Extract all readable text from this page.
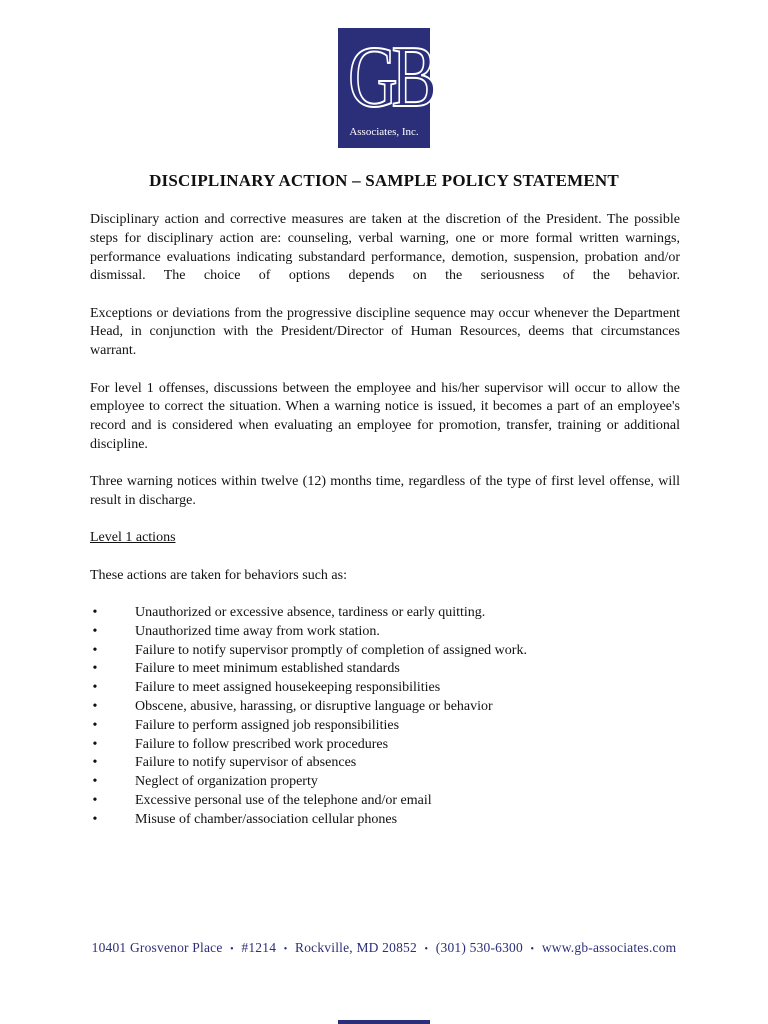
GB
Associates, Inc.
DISCIPLINARY ACTION – SAMPLE POLICY STATEMENT

Disciplinary action and corrective measures are taken at the discretion of the President. The possible steps for disciplinary action are: counseling, verbal warning, one or more formal written warnings, performance evaluations indicating substandard performance, demotion, suspension, probation and/or dismissal. The choice of options depends on the seriousness of the behavior.

Exceptions or deviations from the progressive discipline sequence may occur whenever the Department Head, in conjunction with the President/Director of Human Resources, deems that circumstances warrant.

For level 1 offenses, discussions between the employee and his/her supervisor will occur to allow the employee to correct the situation. When a warning notice is issued, it becomes a part of an employee's record and is considered when evaluating an employee for promotion, transfer, training or additional discipline.

Three warning notices within twelve (12) months time, regardless of the type of first level offense, will result in discharge.

Level 1 actions

These actions are taken for behaviors such as:

•	Unauthorized or excessive absence, tardiness or early quitting.
•	Unauthorized time away from work station.
•	Failure to notify supervisor promptly of completion of assigned work.
•	Failure to meet minimum established standards
•	Failure to meet assigned housekeeping responsibilities
•	Obscene, abusive, harassing, or disruptive language or behavior
•	Failure to perform assigned job responsibilities
•	Failure to follow prescribed work procedures
•	Failure to notify supervisor of absences
•	Neglect of organization property
•	Excessive personal use of the telephone and/or email
•	Misuse of chamber/association cellular phones
10401 Grosvenor Place • #1214 • Rockville, MD 20852 • (301) 530-6300 • www.gb-associates.com
